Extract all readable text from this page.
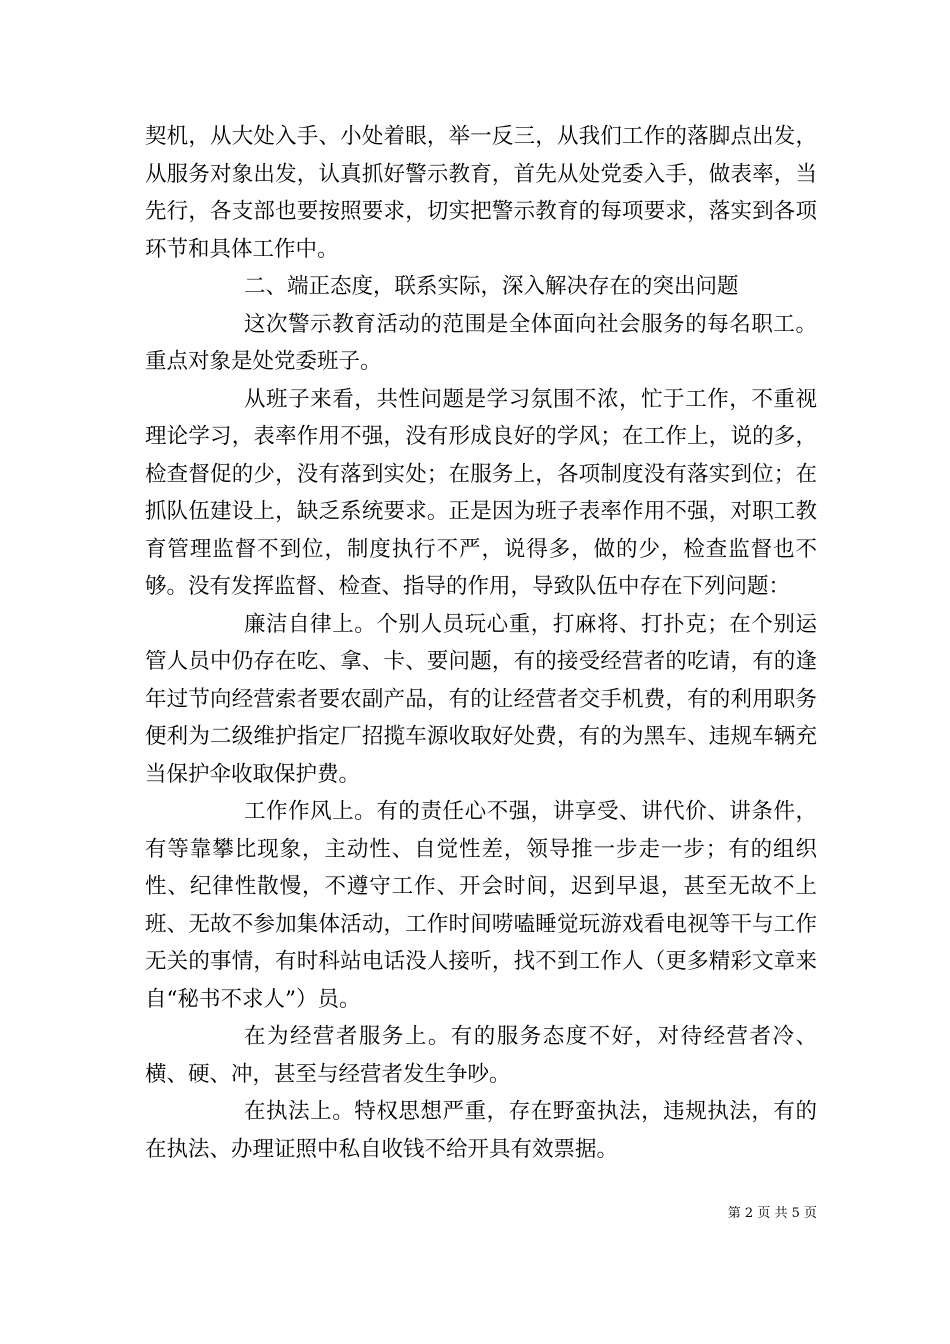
契机，从大处入手、小处着眼，举一反三，从我们工作的落脚点出发，从服务对象出发，认真抓好警示教育，首先从处党委入手，做表率，当先行，各支部也要按照要求，切实把警示教育的每项要求，落实到各项环节和具体工作中。

二、端正态度，联系实际，深入解决存在的突出问题

这次警示教育活动的范围是全体面向社会服务的每名职工。重点对象是处党委班子。

从班子来看，共性问题是学习氛围不浓，忙于工作，不重视理论学习，表率作用不强，没有形成良好的学风；在工作上，说的多，检查督促的少，没有落到实处；在服务上，各项制度没有落实到位；在抓队伍建设上，缺乏系统要求。正是因为班子表率作用不强，对职工教育管理监督不到位，制度执行不严，说得多，做的少，检查监督也不够。没有发挥监督、检查、指导的作用，导致队伍中存在下列问题：

廉洁自律上。个别人员玩心重，打麻将、打扑克；在个别运管人员中仍存在吃、拿、卡、要问题，有的接受经营者的吃请，有的逢年过节向经营索者要农副产品，有的让经营者交手机费，有的利用职务便利为二级维护指定厂招揽车源收取好处费，有的为黑车、违规车辆充当保护伞收取保护费。

工作作风上。有的责任心不强，讲享受、讲代价、讲条件，有等靠攀比现象，主动性、自觉性差，领导推一步走一步；有的组织性、纪律性散慢，不遵守工作、开会时间，迟到早退，甚至无故不上班、无故不参加集体活动，工作时间唠嗑睡觉玩游戏看电视等干与工作无关的事情，有时科站电话没人接听，找不到工作人（更多精彩文章来自“秘书不求人”）员。

在为经营者服务上。有的服务态度不好，对待经营者冷、横、硬、冲，甚至与经营者发生争吵。

在执法上。特权思想严重，存在野蛮执法，违规执法，有的在执法、办理证照中私自收钱不给开具有效票据。

第 2 页 共 5 页
